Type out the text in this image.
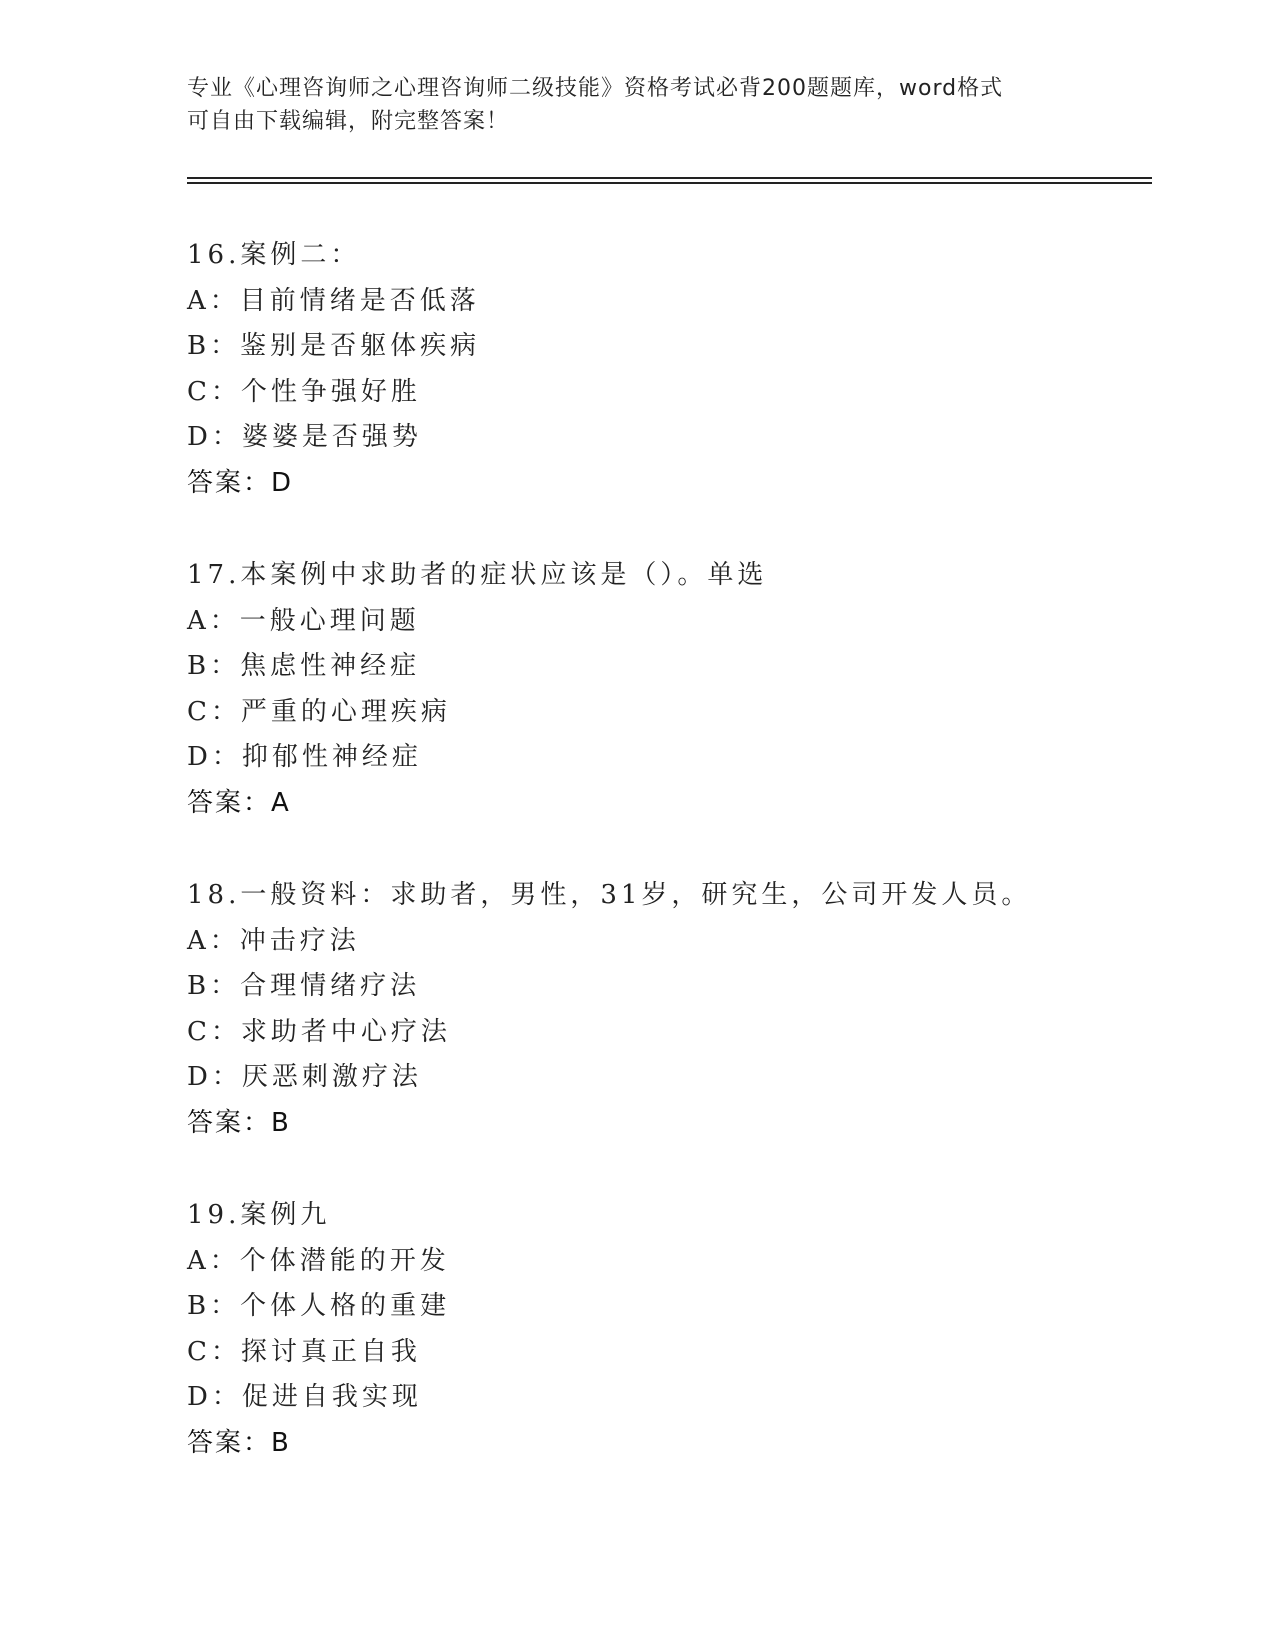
专业《心理咨询师之心理咨询师二级技能》资格考试必背200题题库，word格式
可自由下载编辑，附完整答案！
16.案例二：
A：目前情绪是否低落
B：鉴别是否躯体疾病
C：个性争强好胜
D：婆婆是否强势
答案：D
17.本案例中求助者的症状应该是（）。单选
A：一般心理问题
B：焦虑性神经症
C：严重的心理疾病
D：抑郁性神经症
答案：A
18.一般资料：求助者，男性，31岁，研究生，公司开发人员。
A：冲击疗法
B：合理情绪疗法
C：求助者中心疗法
D：厌恶刺激疗法
答案：B
19.案例九
A：个体潜能的开发
B：个体人格的重建
C：探讨真正自我
D：促进自我实现
答案：B
